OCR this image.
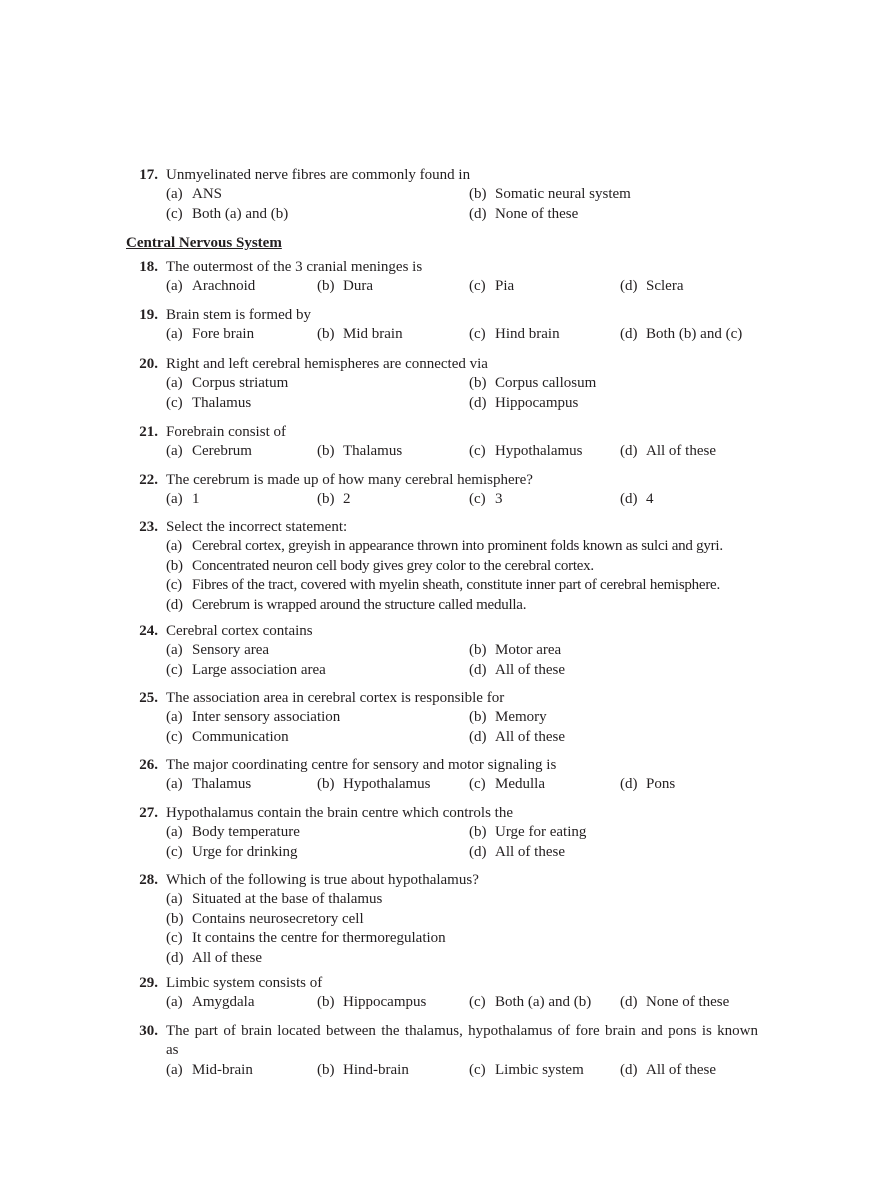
17. Unmyelinated nerve fibres are commonly found in
(a) ANS	(b) Somatic neural system
(c) Both (a) and (b)	(d) None of these
Central Nervous System
18. The outermost of the 3 cranial meninges is
(a) Arachnoid	(b) Dura	(c) Pia	(d) Sclera
19. Brain stem is formed by
(a) Fore brain	(b) Mid brain	(c) Hind brain	(d) Both (b) and (c)
20. Right and left cerebral hemispheres are connected via
(a) Corpus striatum	(b) Corpus callosum
(c) Thalamus	(d) Hippocampus
21. Forebrain consist of
(a) Cerebrum	(b) Thalamus	(c) Hypothalamus	(d) All of these
22. The cerebrum is made up of how many cerebral hemisphere?
(a) 1	(b) 2	(c) 3	(d) 4
23. Select the incorrect statement:
(a) Cerebral cortex, greyish in appearance thrown into prominent folds known as sulci and gyri.
(b) Concentrated neuron cell body gives grey color to the cerebral cortex.
(c) Fibres of the tract, covered with myelin sheath, constitute inner part of cerebral hemisphere.
(d) Cerebrum is wrapped around the structure called medulla.
24. Cerebral cortex contains
(a) Sensory area	(b) Motor area
(c) Large association area	(d) All of these
25. The association area in cerebral cortex is responsible for
(a) Inter sensory association	(b) Memory
(c) Communication	(d) All of these
26. The major coordinating centre for sensory and motor signaling is
(a) Thalamus	(b) Hypothalamus	(c) Medulla	(d) Pons
27. Hypothalamus contain the brain centre which controls the
(a) Body temperature	(b) Urge for eating
(c) Urge for drinking	(d) All of these
28. Which of the following is true about hypothalamus?
(a) Situated at the base of thalamus
(b) Contains neurosecretory cell
(c) It contains the centre for thermoregulation
(d) All of these
29. Limbic system consists of
(a) Amygdala	(b) Hippocampus	(c) Both (a) and (b) (d) None of these
30. The part of brain located between the thalamus, hypothalamus of fore brain and pons is known as
(a) Mid-brain	(b) Hind-brain	(c) Limbic system (d) All of these
